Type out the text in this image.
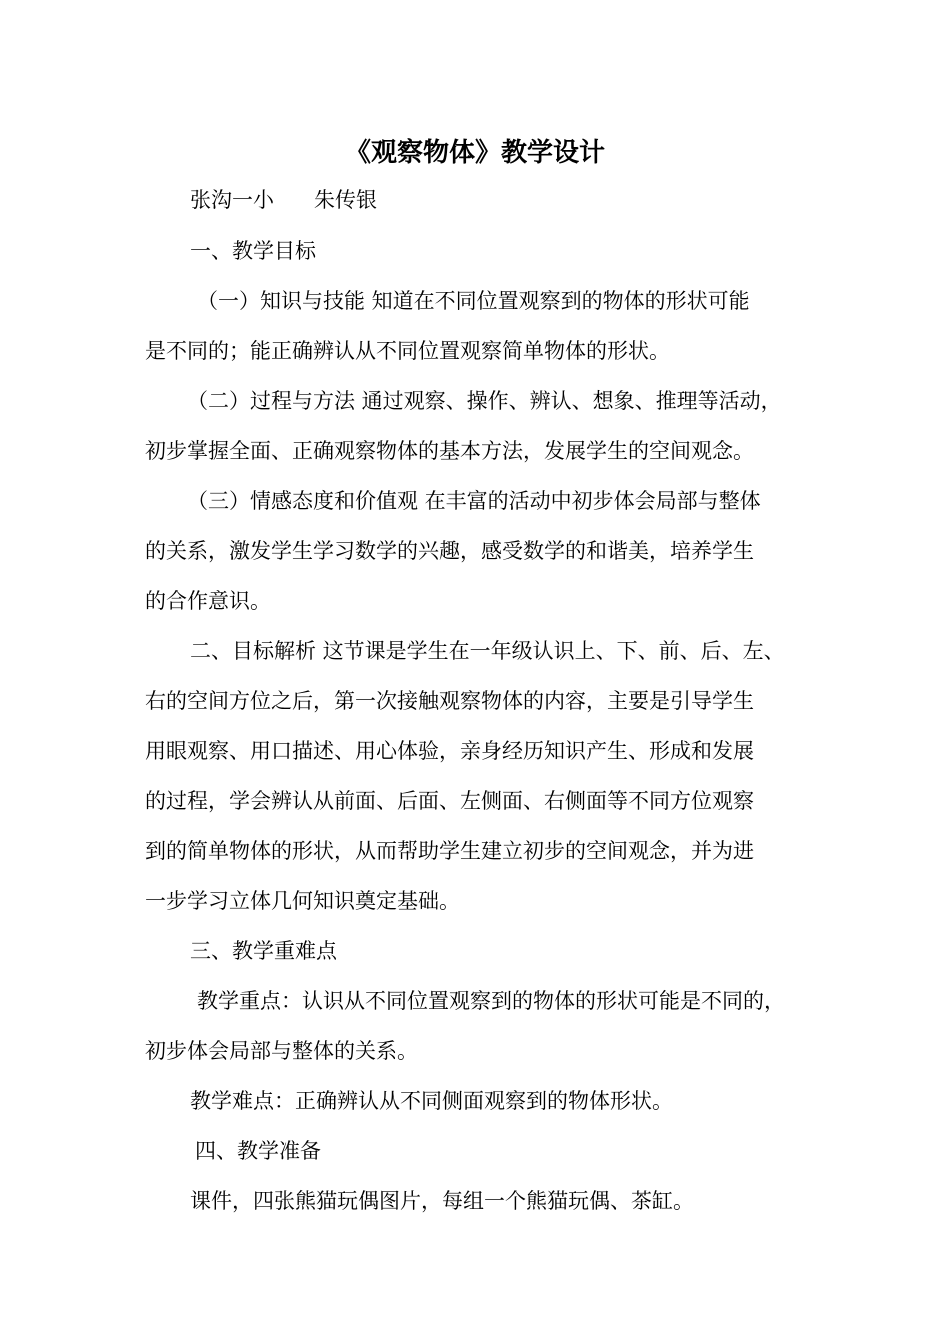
《观察物体》教学设计
张沟一小 朱传银
一、教学目标
（一）知识与技能 知道在不同位置观察到的物体的形状可能
是不同的；能正确辨认从不同位置观察简单物体的形状。
（二）过程与方法 通过观察、操作、辨认、想象、推理等活动，
初步掌握全面、正确观察物体的基本方法，发展学生的空间观念。
（三）情感态度和价值观 在丰富的活动中初步体会局部与整体
的关系，激发学生学习数学的兴趣，感受数学的和谐美，培养学生
的合作意识。
二、目标解析 这节课是学生在一年级认识上、下、前、后、左、
右的空间方位之后，第一次接触观察物体的内容，主要是引导学生
用眼观察、用口描述、用心体验，亲身经历知识产生、形成和发展
的过程，学会辨认从前面、后面、左侧面、右侧面等不同方位观察
到的简单物体的形状，从而帮助学生建立初步的空间观念，并为进
一步学习立体几何知识奠定基础。
三、教学重难点
教学重点：认识从不同位置观察到的物体的形状可能是不同的，
初步体会局部与整体的关系。
教学难点：正确辨认从不同侧面观察到的物体形状。
四、教学准备
课件，四张熊猫玩偶图片，每组一个熊猫玩偶、茶缸。
